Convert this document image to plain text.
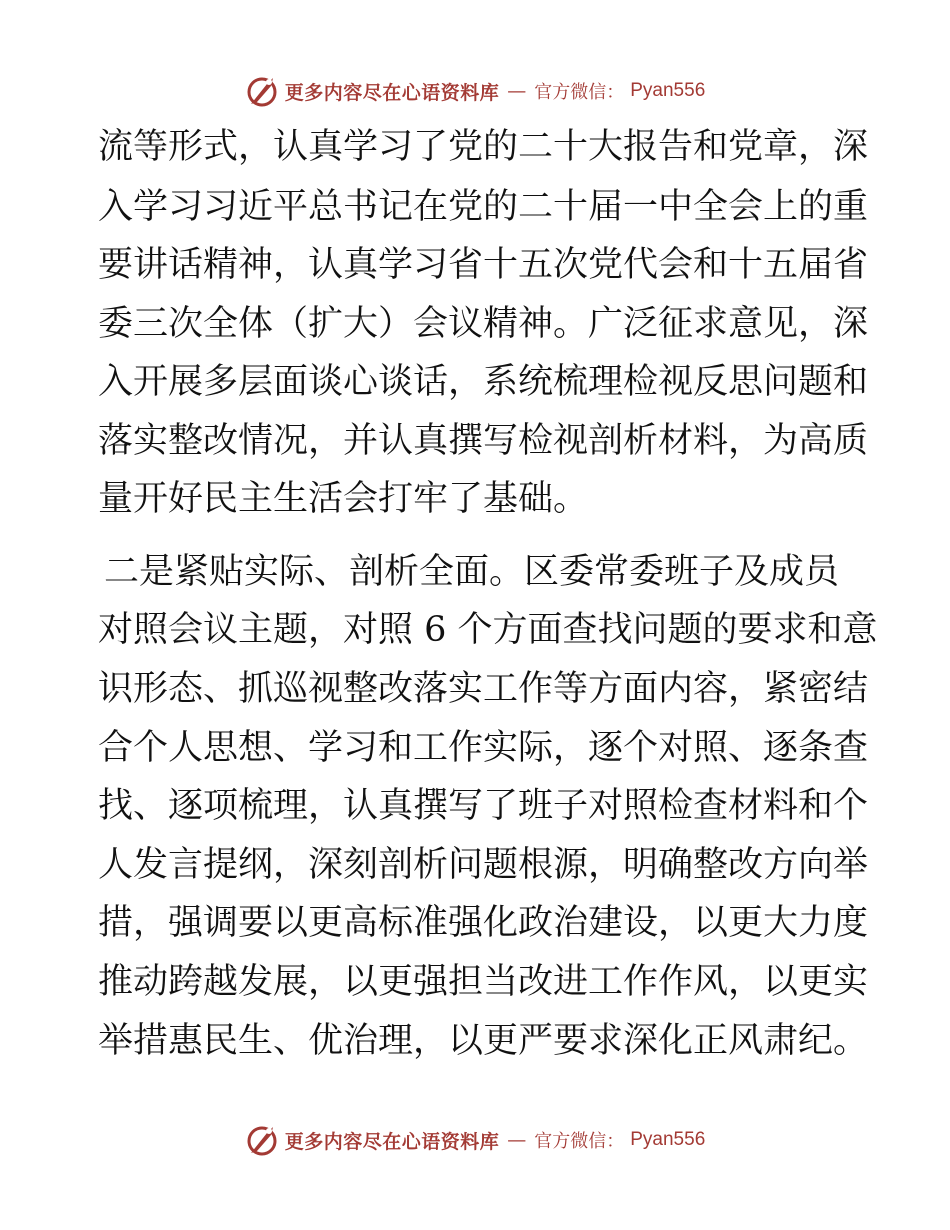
更多内容尽在心语资料库 — 官方微信： Pyan556
流等形式，认真学习了党的二十大报告和党章，深
入学习习近平总书记在党的二十届一中全会上的重
要讲话精神，认真学习省十五次党代会和十五届省
委三次全体（扩大）会议精神。广泛征求意见，深
入开展多层面谈心谈话，系统梳理检视反思问题和
落实整改情况，并认真撰写检视剖析材料，为高质
量开好民主生活会打牢了基础。
二是紧贴实际、剖析全面。区委常委班子及成员
对照会议主题，对照 6 个方面查找问题的要求和意
识形态、抓巡视整改落实工作等方面内容，紧密结
合个人思想、学习和工作实际，逐个对照、逐条查
找、逐项梳理，认真撰写了班子对照检查材料和个
人发言提纲，深刻剖析问题根源，明确整改方向举
措，强调要以更高标准强化政治建设，以更大力度
推动跨越发展，以更强担当改进工作作风，以更实
举措惠民生、优治理，以更严要求深化正风肃纪。
更多内容尽在心语资料库 — 官方微信： Pyan556
